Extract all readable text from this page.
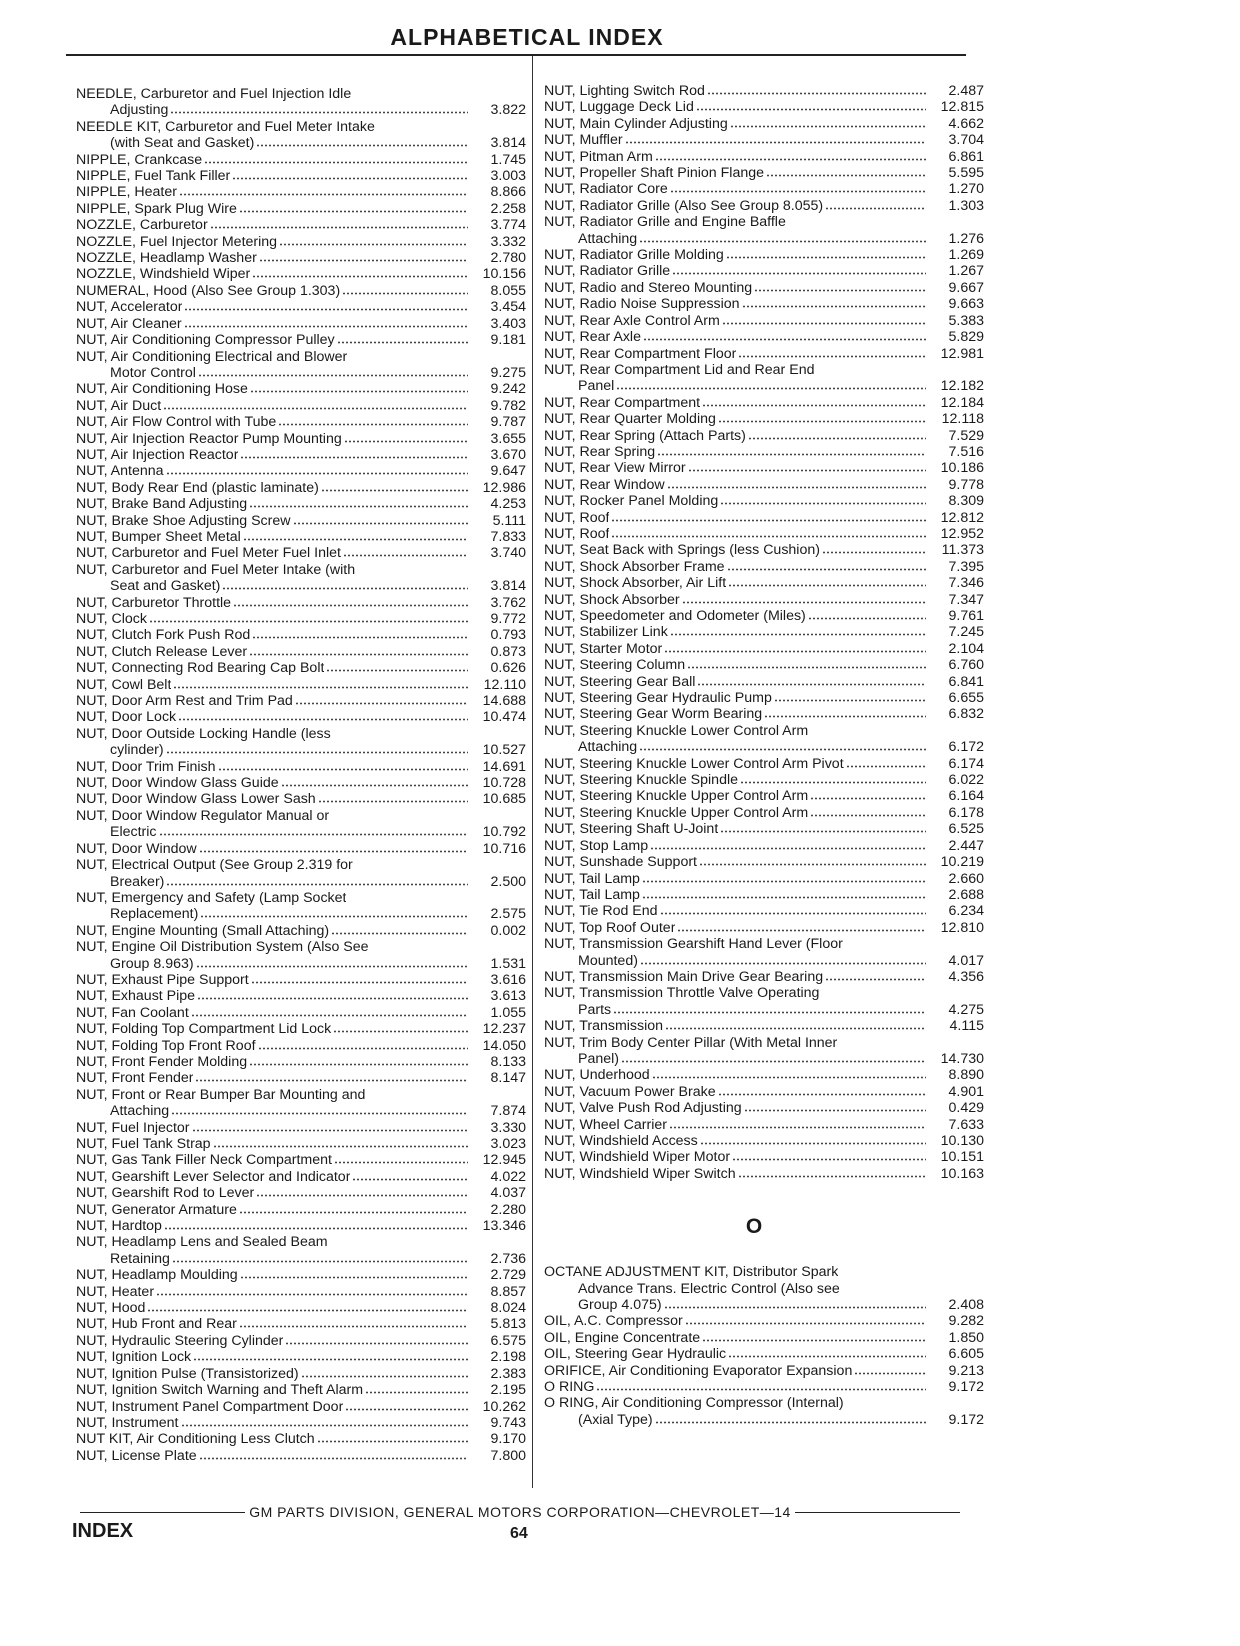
ALPHABETICAL INDEX
NEEDLE, Carburetor and Fuel Injection Idle
Adjusting	3.822
NEEDLE KIT, Carburetor and Fuel Meter Intake
(with Seat and Gasket)	3.814
NIPPLE, Crankcase	1.745
NIPPLE, Fuel Tank Filler	3.003
NIPPLE, Heater	8.866
NIPPLE, Spark Plug Wire	2.258
NOZZLE, Carburetor	3.774
NOZZLE, Fuel Injector Metering	3.332
NOZZLE, Headlamp Washer	2.780
NOZZLE, Windshield Wiper	10.156
NUMERAL, Hood (Also See Group 1.303)	8.055
NUT, Accelerator	3.454
NUT, Air Cleaner	3.403
NUT, Air Conditioning Compressor Pulley	9.181
NUT, Air Conditioning Electrical and Blower
Motor Control	9.275
NUT, Air Conditioning Hose	9.242
NUT, Air Duct	9.782
NUT, Air Flow Control with Tube	9.787
NUT, Air Injection Reactor Pump Mounting	3.655
NUT, Air Injection Reactor	3.670
NUT, Antenna	9.647
NUT, Body Rear End (plastic laminate)	12.986
NUT, Brake Band Adjusting	4.253
NUT, Brake Shoe Adjusting Screw	5.111
NUT, Bumper Sheet Metal	7.833
NUT, Carburetor and Fuel Meter Fuel Inlet	3.740
NUT, Carburetor and Fuel Meter Intake (with
Seat and Gasket)	3.814
NUT, Carburetor Throttle	3.762
NUT, Clock	9.772
NUT, Clutch Fork Push Rod	0.793
NUT, Clutch Release Lever	0.873
NUT, Connecting Rod Bearing Cap Bolt	0.626
NUT, Cowl Belt	12.110
NUT, Door Arm Rest and Trim Pad	14.688
NUT, Door Lock	10.474
NUT, Door Outside Locking Handle (less
cylinder)	10.527
NUT, Door Trim Finish	14.691
NUT, Door Window Glass Guide	10.728
NUT, Door Window Glass Lower Sash	10.685
NUT, Door Window Regulator Manual or
Electric	10.792
NUT, Door Window	10.716
NUT, Electrical Output (See Group 2.319 for
Breaker)	2.500
NUT, Emergency and Safety (Lamp Socket
Replacement)	2.575
NUT, Engine Mounting (Small Attaching)	0.002
NUT, Engine Oil Distribution System (Also See
Group 8.963)	1.531
NUT, Exhaust Pipe Support	3.616
NUT, Exhaust Pipe	3.613
NUT, Fan Coolant	1.055
NUT, Folding Top Compartment Lid Lock	12.237
NUT, Folding Top Front Roof	14.050
NUT, Front Fender Molding	8.133
NUT, Front Fender	8.147
NUT, Front or Rear Bumper Bar Mounting and
Attaching	7.874
NUT, Fuel Injector	3.330
NUT, Fuel Tank Strap	3.023
NUT, Gas Tank Filler Neck Compartment	12.945
NUT, Gearshift Lever Selector and Indicator	4.022
NUT, Gearshift Rod to Lever	4.037
NUT, Generator Armature	2.280
NUT, Hardtop	13.346
NUT, Headlamp Lens and Sealed Beam
Retaining	2.736
NUT, Headlamp Moulding	2.729
NUT, Heater	8.857
NUT, Hood	8.024
NUT, Hub Front and Rear	5.813
NUT, Hydraulic Steering Cylinder	6.575
NUT, Ignition Lock	2.198
NUT, Ignition Pulse (Transistorized)	2.383
NUT, Ignition Switch Warning and Theft Alarm	2.195
NUT, Instrument Panel Compartment Door	10.262
NUT, Instrument	9.743
NUT KIT, Air Conditioning Less Clutch	9.170
NUT, License Plate	7.800
NUT, Lighting Switch Rod	2.487
NUT, Luggage Deck Lid	12.815
NUT, Main Cylinder Adjusting	4.662
NUT, Muffler	3.704
NUT, Pitman Arm	6.861
NUT, Propeller Shaft Pinion Flange	5.595
NUT, Radiator Core	1.270
NUT, Radiator Grille (Also See Group 8.055)	1.303
NUT, Radiator Grille and Engine Baffle
Attaching	1.276
NUT, Radiator Grille Molding	1.269
NUT, Radiator Grille	1.267
NUT, Radio and Stereo Mounting	9.667
NUT, Radio Noise Suppression	9.663
NUT, Rear Axle Control Arm	5.383
NUT, Rear Axle	5.829
NUT, Rear Compartment Floor	12.981
NUT, Rear Compartment Lid and Rear End
Panel	12.182
NUT, Rear Compartment	12.184
NUT, Rear Quarter Molding	12.118
NUT, Rear Spring (Attach Parts)	7.529
NUT, Rear Spring	7.516
NUT, Rear View Mirror	10.186
NUT, Rear Window	9.778
NUT, Rocker Panel Molding	8.309
NUT, Roof	12.812
NUT, Roof	12.952
NUT, Seat Back with Springs (less Cushion)	11.373
NUT, Shock Absorber Frame	7.395
NUT, Shock Absorber, Air Lift	7.346
NUT, Shock Absorber	7.347
NUT, Speedometer and Odometer (Miles)	9.761
NUT, Stabilizer Link	7.245
NUT, Starter Motor	2.104
NUT, Steering Column	6.760
NUT, Steering Gear Ball	6.841
NUT, Steering Gear Hydraulic Pump	6.655
NUT, Steering Gear Worm Bearing	6.832
NUT, Steering Knuckle Lower Control Arm
Attaching	6.172
NUT, Steering Knuckle Lower Control Arm Pivot	6.174
NUT, Steering Knuckle Spindle	6.022
NUT, Steering Knuckle Upper Control Arm	6.164
NUT, Steering Knuckle Upper Control Arm	6.178
NUT, Steering Shaft U-Joint	6.525
NUT, Stop Lamp	2.447
NUT, Sunshade Support	10.219
NUT, Tail Lamp	2.660
NUT, Tail Lamp	2.688
NUT, Tie Rod End	6.234
NUT, Top Roof Outer	12.810
NUT, Transmission Gearshift Hand Lever (Floor
Mounted)	4.017
NUT, Transmission Main Drive Gear Bearing	4.356
NUT, Transmission Throttle Valve Operating
Parts	4.275
NUT, Transmission	4.115
NUT, Trim Body Center Pillar (With Metal Inner
Panel)	14.730
NUT, Underhood	8.890
NUT, Vacuum Power Brake	4.901
NUT, Valve Push Rod Adjusting	0.429
NUT, Wheel Carrier	7.633
NUT, Windshield Access	10.130
NUT, Windshield Wiper Motor	10.151
NUT, Windshield Wiper Switch	10.163
O
OCTANE ADJUSTMENT KIT, Distributor Spark
Advance Trans. Electric Control (Also see
Group 4.075)	2.408
OIL, A.C. Compressor	9.282
OIL, Engine Concentrate	1.850
OIL, Steering Gear Hydraulic	6.605
ORIFICE, Air Conditioning Evaporator Expansion	9.213
O RING	9.172
O RING, Air Conditioning Compressor (Internal)
(Axial Type)	9.172
GM PARTS DIVISION, GENERAL MOTORS CORPORATION—CHEVROLET—14
INDEX	64
